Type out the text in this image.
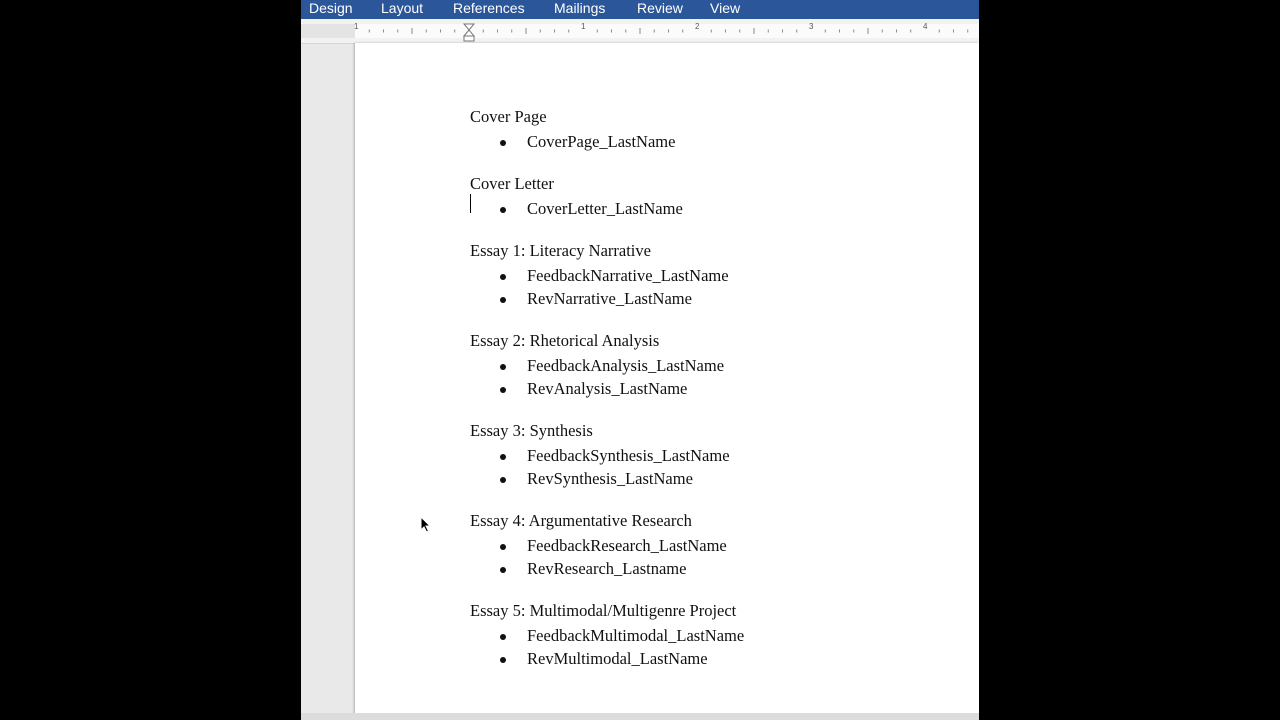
Design Layout References Mailings Review View
1	1	2	3	4
Cover Page
CoverPage_LastName
Cover Letter
CoverLetter_LastName
Essay 1: Literacy Narrative
FeedbackNarrative_LastName
RevNarrative_LastName
Essay 2: Rhetorical Analysis
FeedbackAnalysis_LastName
RevAnalysis_LastName
Essay 3: Synthesis
FeedbackSynthesis_LastName
RevSynthesis_LastName
Essay 4: Argumentative Research
FeedbackResearch_LastName
RevResearch_Lastname
Essay 5: Multimodal/Multigenre Project
FeedbackMultimodal_LastName
RevMultimodal_LastName
